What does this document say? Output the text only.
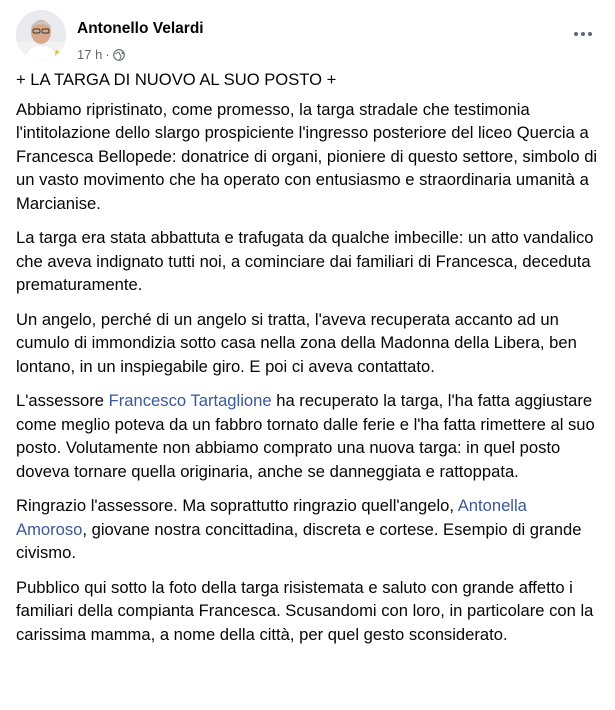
Antonello Velardi
17 h ·

+ LA TARGA DI NUOVO AL SUO POSTO +

Abbiamo ripristinato, come promesso, la targa stradale che testimonia l'intitolazione dello slargo prospiciente l'ingresso posteriore del liceo Quercia a Francesca Bellopede: donatrice di organi, pioniere di questo settore, simbolo di un vasto movimento che ha operato con entusiasmo e straordinaria umanità a Marcianise.

La targa era stata abbattuta e trafugata da qualche imbecille: un atto vandalico che aveva indignato tutti noi, a cominciare dai familiari di Francesca, deceduta prematuramente.

Un angelo, perché di un angelo si tratta, l'aveva recuperata accanto ad un cumulo di immondizia sotto casa nella zona della Madonna della Libera, ben lontano, in un inspiegabile giro. E poi ci aveva contattato.

L'assessore Francesco Tartaglione ha recuperato la targa, l'ha fatta aggiustare come meglio poteva da un fabbro tornato dalle ferie e l'ha fatta rimettere al suo posto. Volutamente non abbiamo comprato una nuova targa: in quel posto doveva tornare quella originaria, anche se danneggiata e rattoppata.

Ringrazio l'assessore. Ma soprattutto ringrazio quell'angelo, Antonella Amoroso, giovane nostra concittadina, discreta e cortese. Esempio di grande civismo.

Pubblico qui sotto la foto della targa risistemata e saluto con grande affetto i familiari della compianta Francesca. Scusandomi con loro, in particolare con la carissima mamma, a nome della città, per quel gesto sconsiderato.
